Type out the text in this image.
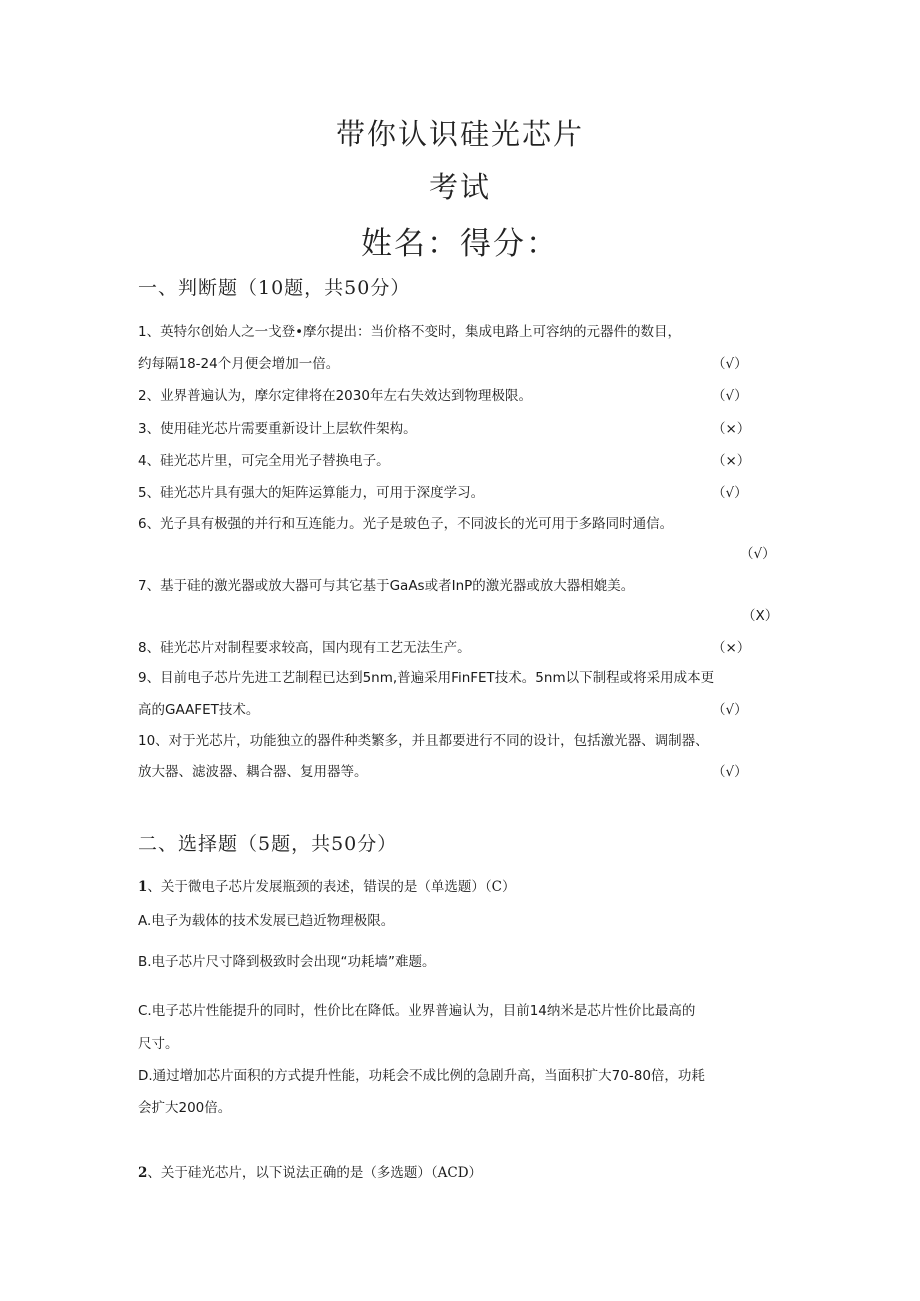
带你认识硅光芯片
考试
姓名：得分：
一、判断题（10题，共50分）
1、英特尔创始人之一戈登•摩尔提出：当价格不变时，集成电路上可容纳的元器件的数目，
约每隔18-24个月便会增加一倍。	（√）
2、业界普遍认为，摩尔定律将在2030年左右失效达到物理极限。	（√）
3、使用硅光芯片需要重新设计上层软件架构。	（×）
4、硅光芯片里，可完全用光子替换电子。	（×）
5、硅光芯片具有强大的矩阵运算能力，可用于深度学习。	（√）
6、光子具有极强的并行和互连能力。光子是玻色子，不同波长的光可用于多路同时通信。
（√）
7、基于硅的激光器或放大器可与其它基于GaAs或者InP的激光器或放大器相媲美。
（X）
8、硅光芯片对制程要求较高，国内现有工艺无法生产。	（×）
9、目前电子芯片先进工艺制程已达到5nm,普遍采用FinFET技术。5nm以下制程或将采用成本更
高的GAAFET技术。	（√）
10、对于光芯片，功能独立的器件种类繁多，并且都要进行不同的设计，包括激光器、调制器、
放大器、滤波器、耦合器、复用器等。	（√）
二、选择题（5题，共50分）
1、关于微电子芯片发展瓶颈的表述，错误的是（单选题）（C）
A.电子为载体的技术发展已趋近物理极限。
B.电子芯片尺寸降到极致时会出现“功耗墙”难题。
C.电子芯片性能提升的同时，性价比在降低。业界普遍认为，目前14纳米是芯片性价比最高的
尺寸。
D.通过增加芯片面积的方式提升性能，功耗会不成比例的急剧升高，当面积扩大70-80倍，功耗
会扩大200倍。
2、关于硅光芯片，以下说法正确的是（多选题）（ACD）
